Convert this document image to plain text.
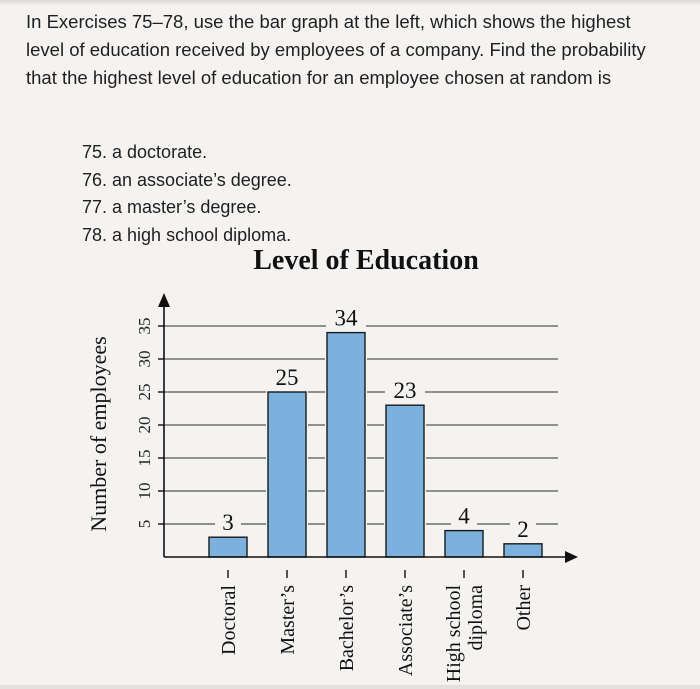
In Exercises 75–78, use the bar graph at the left, which shows the highest level of education received by employees of a company. Find the probability that the highest level of education for an employee chosen at random is

75. a doctorate.
76. an associate’s degree.
77. a master’s degree.
78. a high school diploma.
Level of Education
3
25
34
23
4
2
5
10
15
20
25
30
35
Number of employees
Doctoral Master’s Bachelor’s Associate’s High school diploma Other
